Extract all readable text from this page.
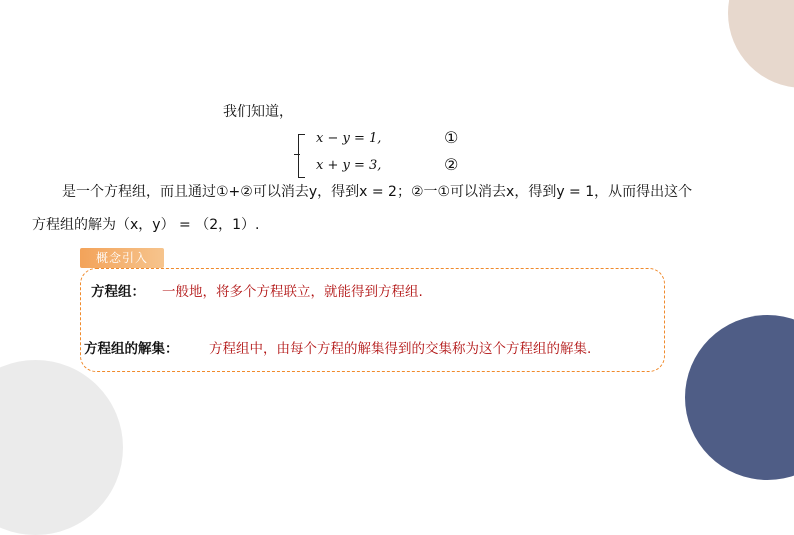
我们知道，
x − y = 1,	①
x + y = 3,	②
是一个方程组，而且通过①+②可以消去y，得到x = 2；②一①可以消去x，得到y = 1，从而得出这个
方程组的解为（x，y） = （2，1）.
概念引入
方程组： 一般地，将多个方程联立，就能得到方程组.
方程组的解集： 方程组中，由每个方程的解集得到的交集称为这个方程组的解集.
